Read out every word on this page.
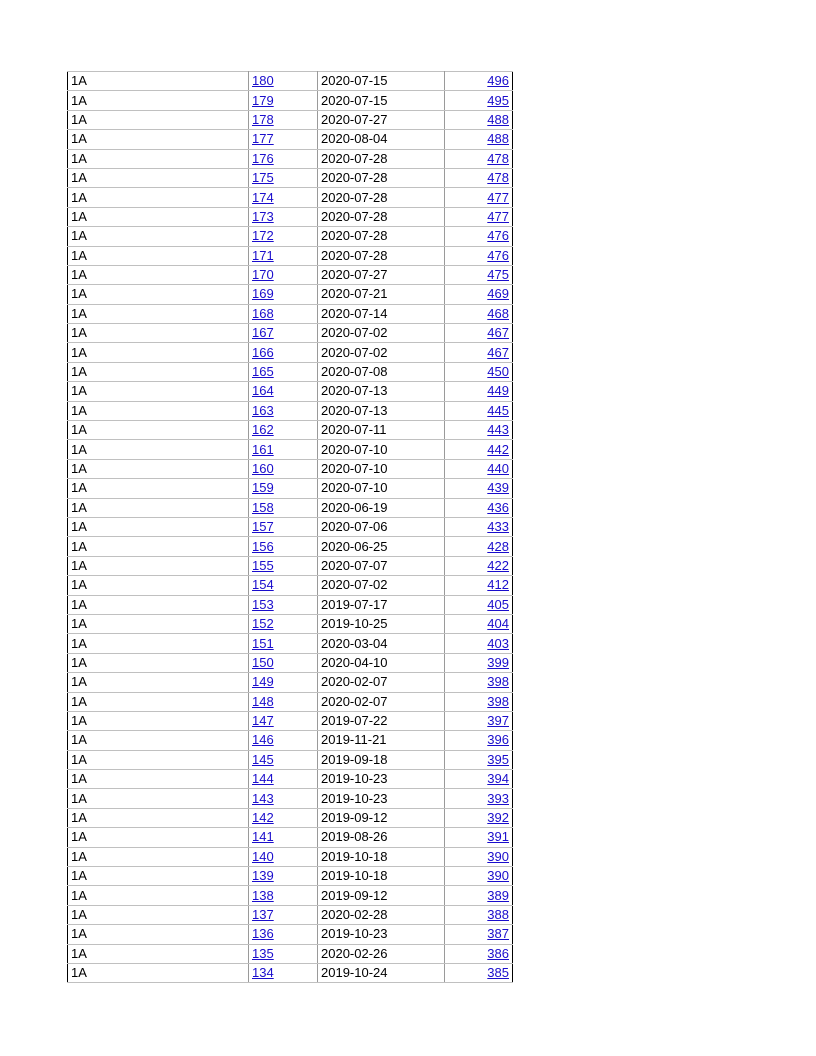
1A	180	2020-07-15	496
1A	179	2020-07-15	495
1A	178	2020-07-27	488
1A	177	2020-08-04	488
1A	176	2020-07-28	478
1A	175	2020-07-28	478
1A	174	2020-07-28	477
1A	173	2020-07-28	477
1A	172	2020-07-28	476
1A	171	2020-07-28	476
1A	170	2020-07-27	475
1A	169	2020-07-21	469
1A	168	2020-07-14	468
1A	167	2020-07-02	467
1A	166	2020-07-02	467
1A	165	2020-07-08	450
1A	164	2020-07-13	449
1A	163	2020-07-13	445
1A	162	2020-07-11	443
1A	161	2020-07-10	442
1A	160	2020-07-10	440
1A	159	2020-07-10	439
1A	158	2020-06-19	436
1A	157	2020-07-06	433
1A	156	2020-06-25	428
1A	155	2020-07-07	422
1A	154	2020-07-02	412
1A	153	2019-07-17	405
1A	152	2019-10-25	404
1A	151	2020-03-04	403
1A	150	2020-04-10	399
1A	149	2020-02-07	398
1A	148	2020-02-07	398
1A	147	2019-07-22	397
1A	146	2019-11-21	396
1A	145	2019-09-18	395
1A	144	2019-10-23	394
1A	143	2019-10-23	393
1A	142	2019-09-12	392
1A	141	2019-08-26	391
1A	140	2019-10-18	390
1A	139	2019-10-18	390
1A	138	2019-09-12	389
1A	137	2020-02-28	388
1A	136	2019-10-23	387
1A	135	2020-02-26	386
1A	134	2019-10-24	385
